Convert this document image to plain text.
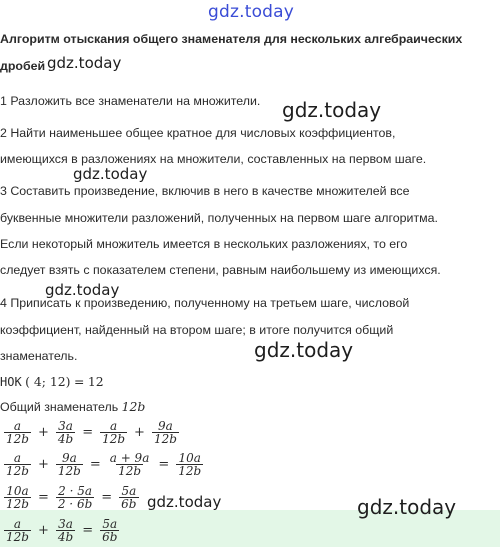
gdz.today
Алгоритм отыскания общего знаменателя для нескольких алгебраических
дробей
1 Разложить все знаменатели на множители.
2 Найти наименьшее общее кратное для числовых коэффициентов,
имеющихся в разложениях на множители, составленных на первом шаге.
3 Составить произведение, включив в него в качестве множителей все
буквенные множители разложений, полученных на первом шаге алгоритма.
Если некоторый множитель имеется в нескольких разложениях, то его
следует взять с показателем степени, равным наибольшему из имеющихся.
4 Приписать к произведению, полученному на третьем шаге, числовой
коэффициент, найденный на втором шаге; в итоге получится общий
знаменатель.
НОК ( 4; 12) = 12
Общий знаменатель 12b
$\frac{a}{12b} + \frac{3a}{4b} = \frac{a}{12b} + \frac{9a}{12b}$
$\frac{a}{12b} + \frac{9a}{12b} = \frac{a + 9a}{12b} = \frac{10a}{12b}$
$\frac{10a}{12b} = \frac{2 \cdot 5a}{2 \cdot 6b} = \frac{5a}{6b}$
$\frac{a}{12b} + \frac{3a}{4b} = \frac{5a}{6b}$
gdz.today
gdz.today
gdz.today
gdz.today
gdz.today
gdz.today	gdz.today
